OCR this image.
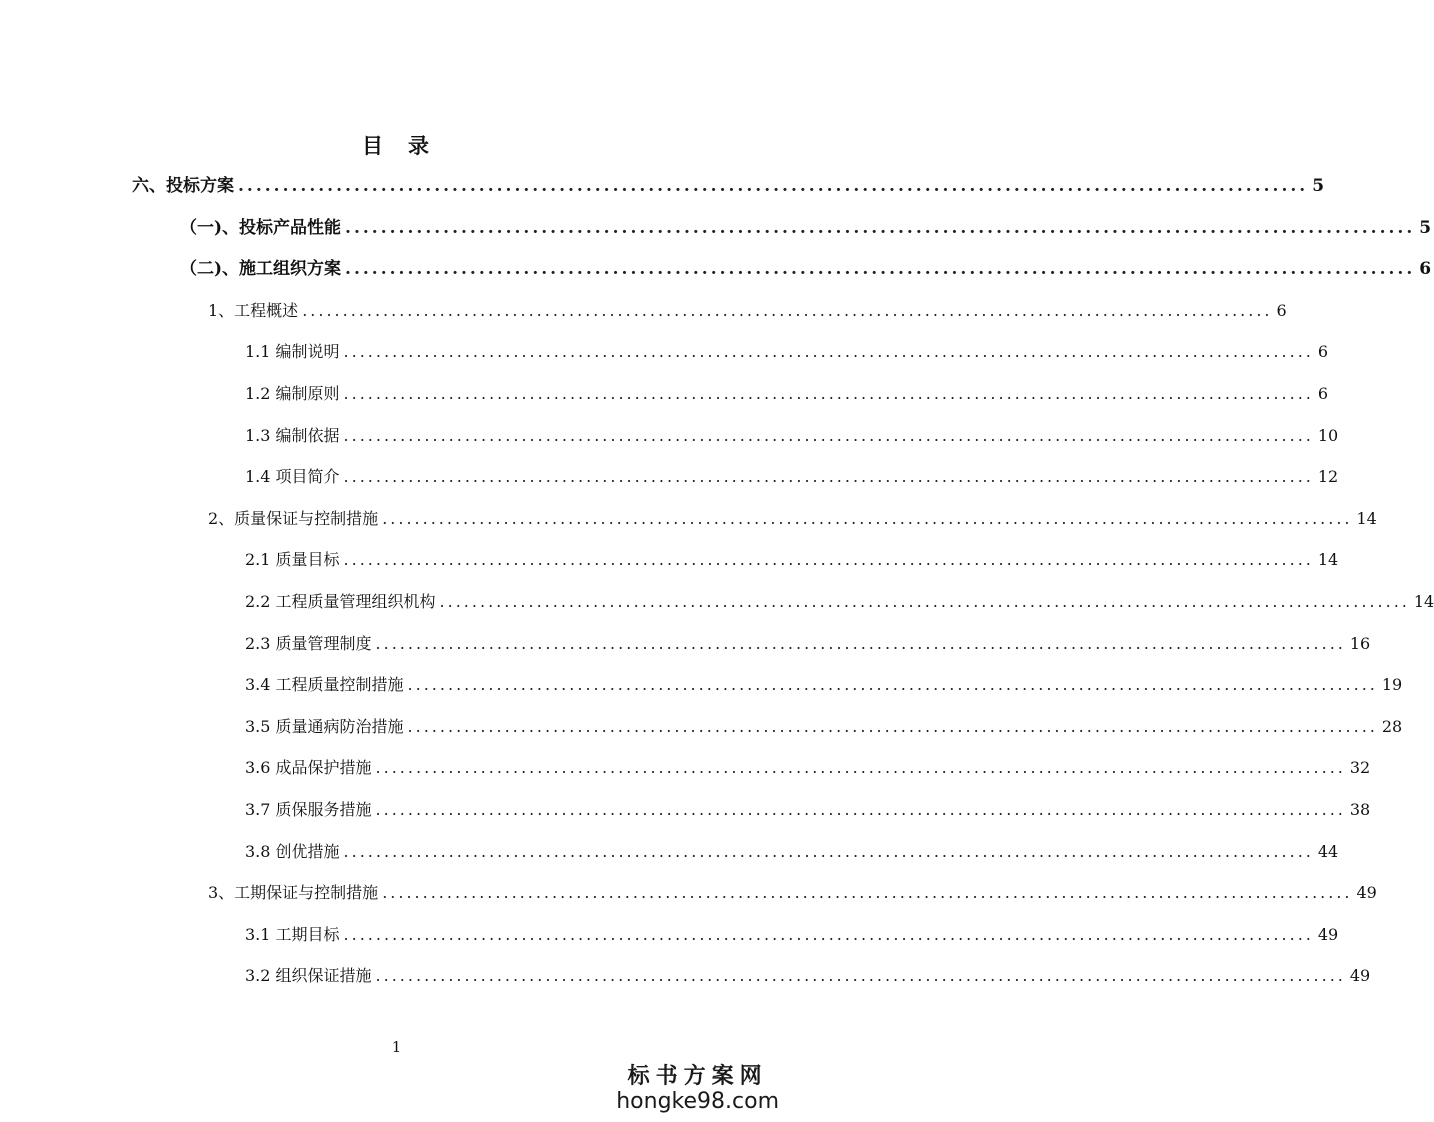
目　录
六、投标方案 ........................................................................................................................ 5
（一)、投标产品性能 ........................................................................................................................ 5
（二)、施工组织方案 ........................................................................................................................ 6
1、工程概述 ........................................................................................................................ 6
1.1 编制说明 ........................................................................................................................ 6
1.2 编制原则 ........................................................................................................................ 6
1.3 编制依据 ........................................................................................................................ 10
1.4 项目简介 ........................................................................................................................ 12
2、质量保证与控制措施 ........................................................................................................................ 14
2.1 质量目标 ........................................................................................................................ 14
2.2 工程质量管理组织机构 ........................................................................................................................ 14
2.3 质量管理制度 ........................................................................................................................ 16
3.4 工程质量控制措施 ........................................................................................................................ 19
3.5 质量通病防治措施 ........................................................................................................................ 28
3.6 成品保护措施 ........................................................................................................................ 32
3.7 质保服务措施 ........................................................................................................................ 38
3.8 创优措施 ........................................................................................................................ 44
3、工期保证与控制措施 ........................................................................................................................ 49
3.1 工期目标 ........................................................................................................................ 49
3.2 组织保证措施 ........................................................................................................................ 49
1
标书方案网
hongke98.com
